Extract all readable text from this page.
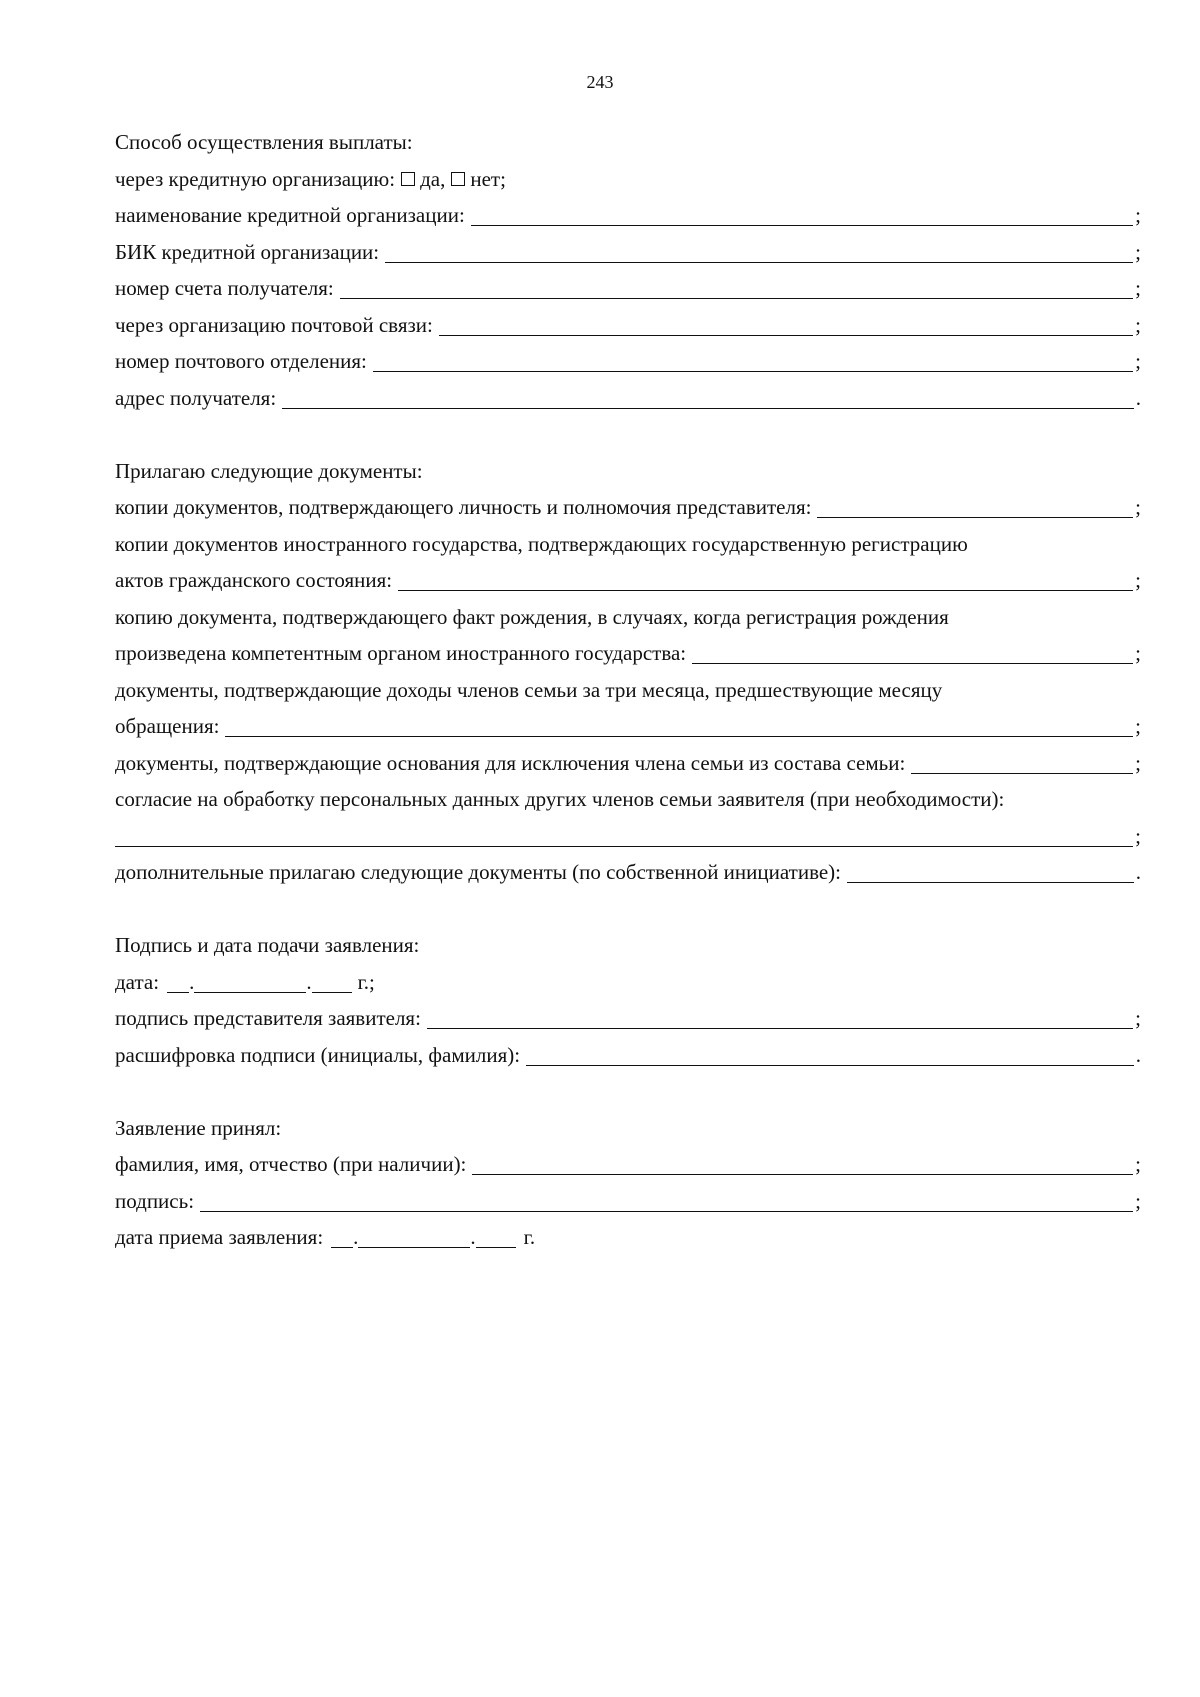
243
Способ осуществления выплаты:
через кредитную организацию: да, нет;
наименование кредитной организации:	;
БИК кредитной организации:	;
номер счета получателя:	;
через организацию почтовой связи:	;
номер почтового отделения:	;
адрес получателя:	.
Прилагаю следующие документы:
копии документов, подтверждающего личность и полномочия представителя:	;
копии документов иностранного государства, подтверждающих государственную регистрацию
актов гражданского состояния:	;
копию документа, подтверждающего факт рождения, в случаях, когда регистрация рождения
произведена компетентным органом иностранного государства:	;
документы, подтверждающие доходы членов семьи за три месяца, предшествующие месяцу
обращения:	;
документы, подтверждающие основания для исключения члена семьи из состава семьи:	;
согласие на обработку персональных данных других членов семьи заявителя (при необходимости):
;
дополнительные прилагаю следующие документы (по собственной инициативе):	.
Подпись и дата подачи заявления:
дата: .	. г.;
подпись представителя заявителя:	;
расшифровка подписи (инициалы, фамилия):	.
Заявление принял:
фамилия, имя, отчество (при наличии):	;
подпись:	;
дата приема заявления: .	. г.
